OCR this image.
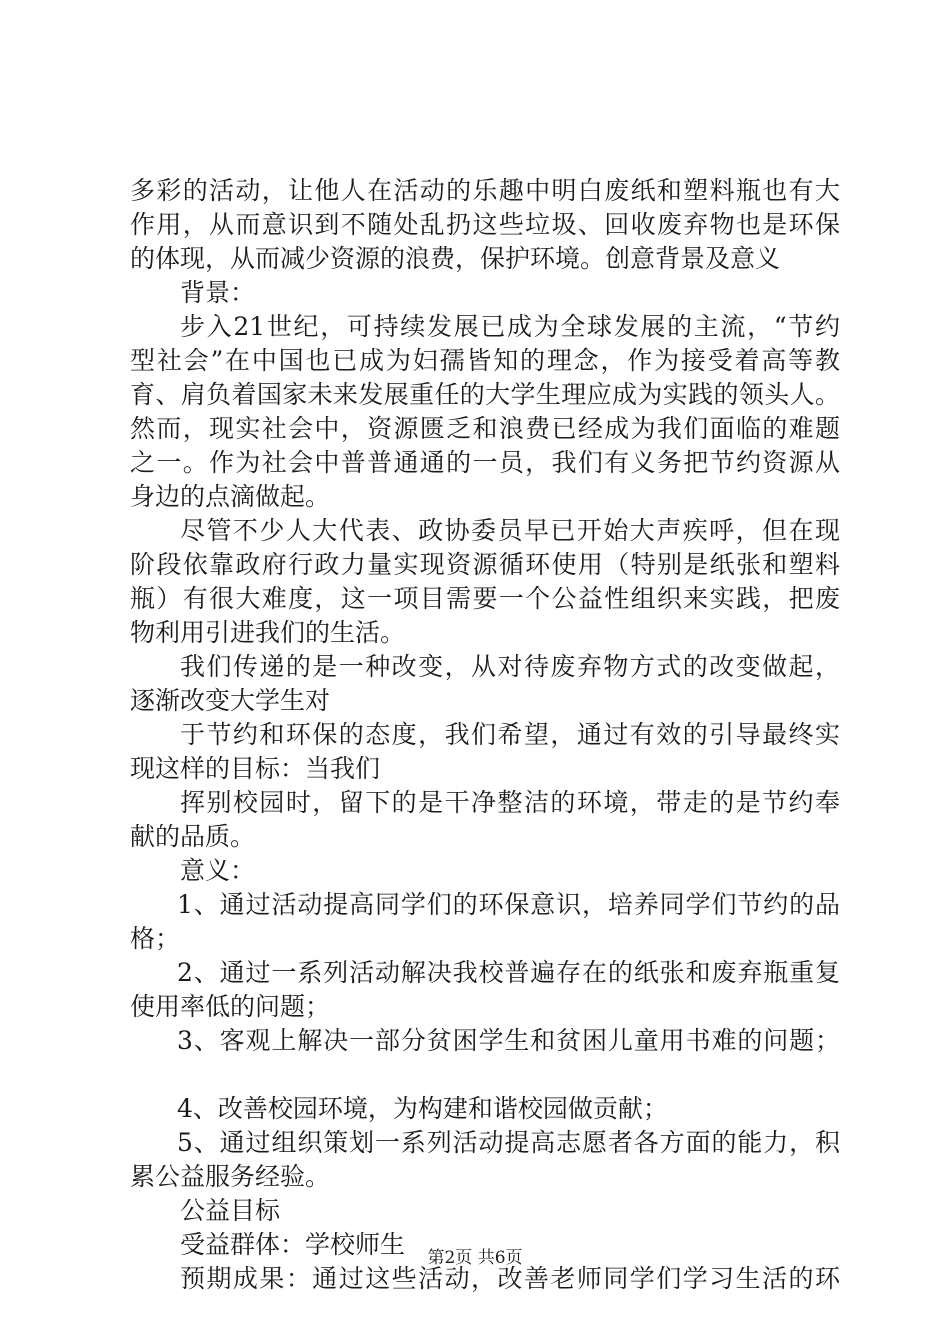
多彩的活动，让他人在活动的乐趣中明白废纸和塑料瓶也有大
作用，从而意识到不随处乱扔这些垃圾、回收废弃物也是环保
的体现，从而减少资源的浪费，保护环境。创意背景及意义
背景：
步入21世纪，可持续发展已成为全球发展的主流，“节约
型社会”在中国也已成为妇孺皆知的理念，作为接受着高等教
育、肩负着国家未来发展重任的大学生理应成为实践的领头人。
然而，现实社会中，资源匮乏和浪费已经成为我们面临的难题
之一。作为社会中普普通通的一员，我们有义务把节约资源从
身边的点滴做起。
尽管不少人大代表、政协委员早已开始大声疾呼，但在现
阶段依靠政府行政力量实现资源循环使用（特别是纸张和塑料
瓶）有很大难度，这一项目需要一个公益性组织来实践，把废
物利用引进我们的生活。
我们传递的是一种改变，从对待废弃物方式的改变做起，
逐渐改变大学生对
于节约和环保的态度，我们希望，通过有效的引导最终实
现这样的目标：当我们
挥别校园时，留下的是干净整洁的环境，带走的是节约奉
献的品质。
意义：
1、通过活动提高同学们的环保意识，培养同学们节约的品
格；
2、通过一系列活动解决我校普遍存在的纸张和废弃瓶重复
使用率低的问题；
3、客观上解决一部分贫困学生和贫困儿童用书难的问题；
4、改善校园环境，为构建和谐校园做贡献；
5、通过组织策划一系列活动提高志愿者各方面的能力，积
累公益服务经验。
公益目标
受益群体：学校师生
预期成果：通过这些活动，改善老师同学们学习生活的环
第2页 共6页
